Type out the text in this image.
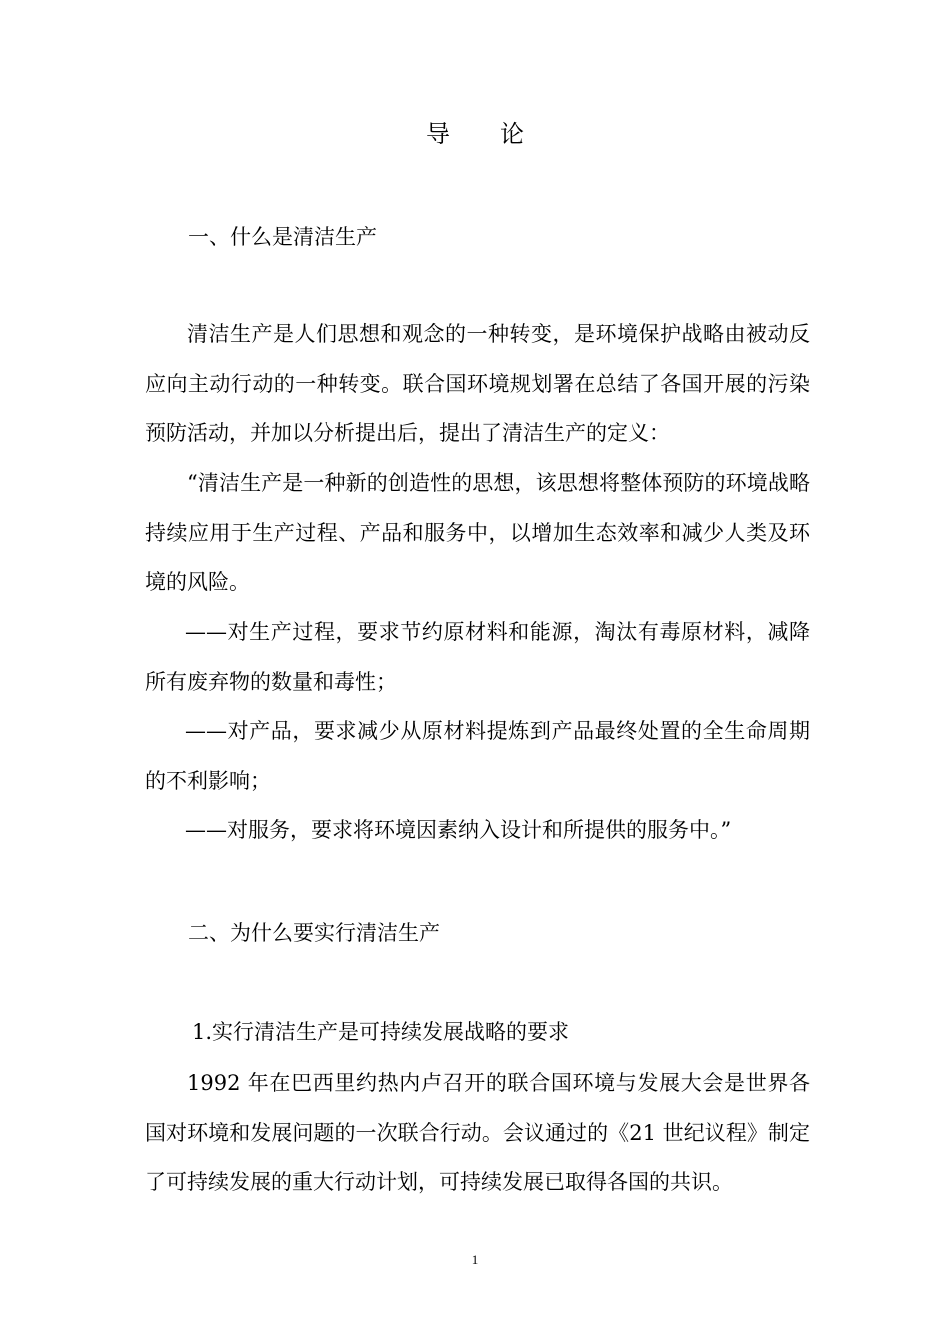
导 论
一、什么是清洁生产
清洁生产是人们思想和观念的一种转变，是环境保护战略由被动反应向主动行动的一种转变。联合国环境规划署在总结了各国开展的污染预防活动，并加以分析提出后，提出了清洁生产的定义：
“清洁生产是一种新的创造性的思想，该思想将整体预防的环境战略持续应用于生产过程、产品和服务中，以增加生态效率和减少人类及环境的风险。
——对生产过程，要求节约原材料和能源，淘汰有毒原材料，减降所有废弃物的数量和毒性；
——对产品，要求减少从原材料提炼到产品最终处置的全生命周期的不利影响；
——对服务，要求将环境因素纳入设计和所提供的服务中。”
二、为什么要实行清洁生产
1.实行清洁生产是可持续发展战略的要求
1992 年在巴西里约热内卢召开的联合国环境与发展大会是世界各国对环境和发展问题的一次联合行动。会议通过的《21 世纪议程》制定了可持续发展的重大行动计划，可持续发展已取得各国的共识。
1
